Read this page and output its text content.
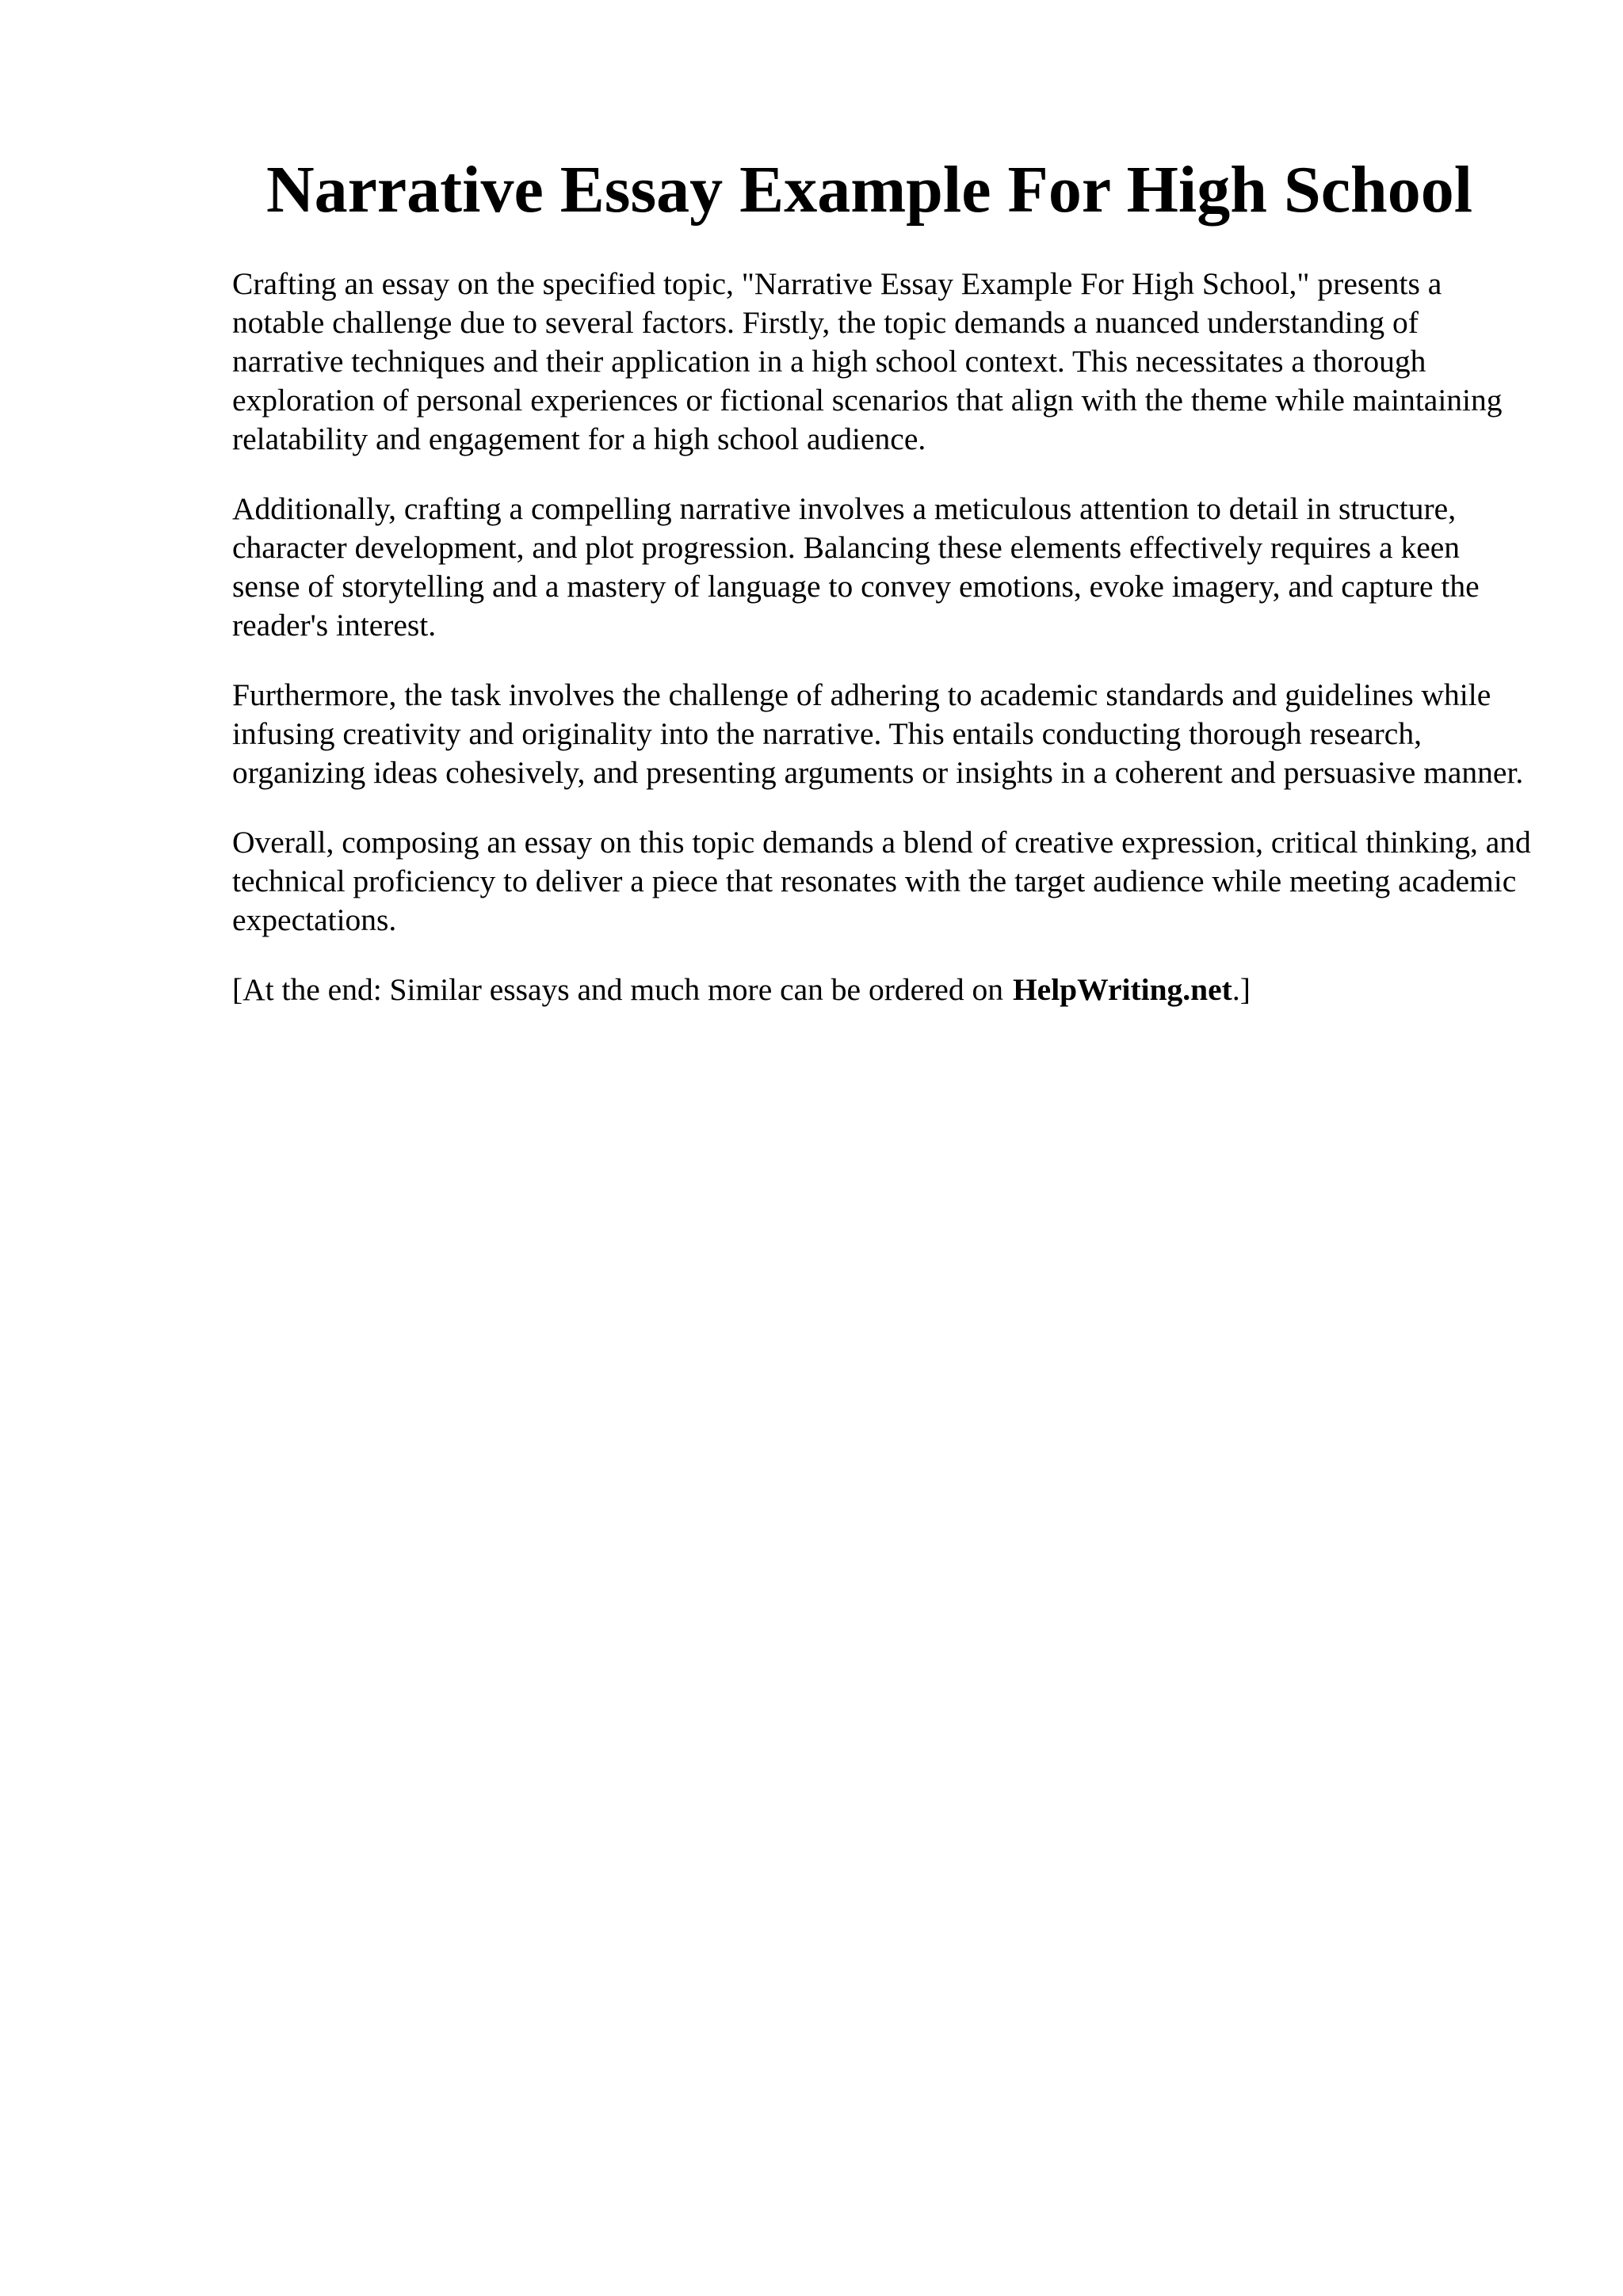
Narrative Essay Example For High School

Crafting an essay on the specified topic, "Narrative Essay Example For High School," presents a notable challenge due to several factors. Firstly, the topic demands a nuanced understanding of narrative techniques and their application in a high school context. This necessitates a thorough exploration of personal experiences or fictional scenarios that align with the theme while maintaining relatability and engagement for a high school audience.

Additionally, crafting a compelling narrative involves a meticulous attention to detail in structure, character development, and plot progression. Balancing these elements effectively requires a keen sense of storytelling and a mastery of language to convey emotions, evoke imagery, and capture the reader's interest.

Furthermore, the task involves the challenge of adhering to academic standards and guidelines while infusing creativity and originality into the narrative. This entails conducting thorough research, organizing ideas cohesively, and presenting arguments or insights in a coherent and persuasive manner.

Overall, composing an essay on this topic demands a blend of creative expression, critical thinking, and technical proficiency to deliver a piece that resonates with the target audience while meeting academic expectations.

[At the end: Similar essays and much more can be ordered on HelpWriting.net.]
